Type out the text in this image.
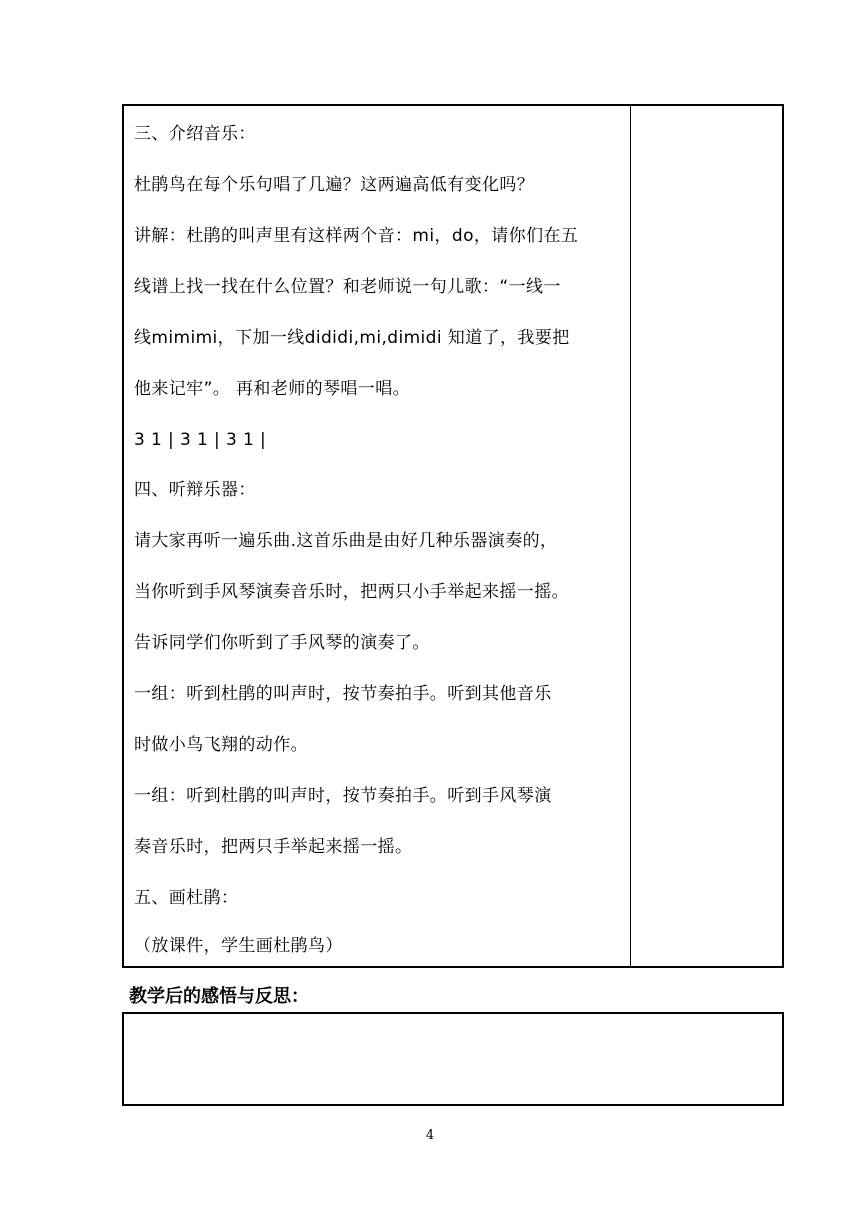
三、介绍音乐：
杜鹃鸟在每个乐句唱了几遍？这两遍高低有变化吗？
讲解：杜鹃的叫声里有这样两个音：mi，do，请你们在五
线谱上找一找在什么位置？和老师说一句儿歌：“一线一
线mimimi，下加一线dididi,mi,dimidi 知道了，我要把
他来记牢”。 再和老师的琴唱一唱。
3 1 | 3 1 | 3 1 |
四、听辩乐器：
请大家再听一遍乐曲.这首乐曲是由好几种乐器演奏的，
当你听到手风琴演奏音乐时，把两只小手举起来摇一摇。
告诉同学们你听到了手风琴的演奏了。
一组：听到杜鹃的叫声时，按节奏拍手。听到其他音乐
时做小鸟飞翔的动作。
一组：听到杜鹃的叫声时，按节奏拍手。听到手风琴演
奏音乐时，把两只手举起来摇一摇。
五、画杜鹃：
（放课件，学生画杜鹃鸟）
教学后的感悟与反思：
4
